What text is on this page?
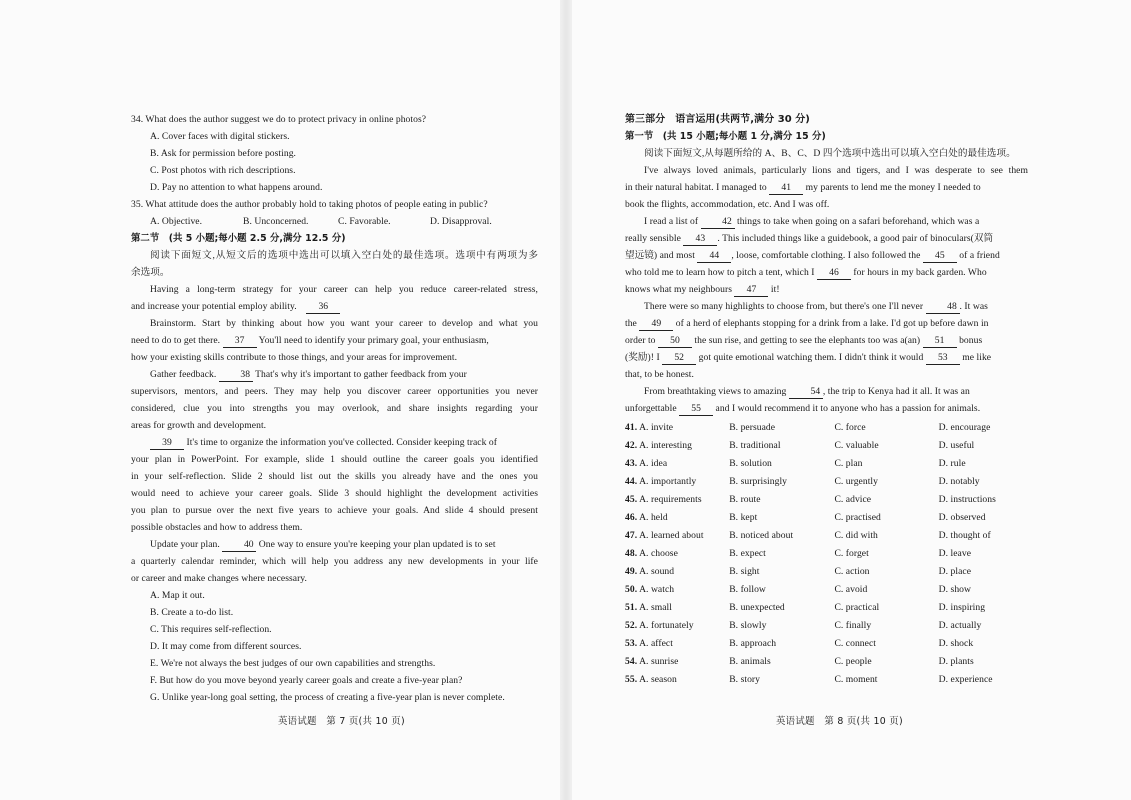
34. What does the author suggest we do to protect privacy in online photos?
A. Cover faces with digital stickers.
B. Ask for permission before posting.
C. Post photos with rich descriptions.
D. Pay no attention to what happens around.
35. What attitude does the author probably hold to taking photos of people eating in public?
A. Objective.	B. Unconcerned.	C. Favorable.	D. Disapproval.
第二节　(共 5 小题;每小题 2.5 分,满分 12.5 分)
阅读下面短文,从短文后的选项中选出可以填入空白处的最佳选项。选项中有两项为多
余选项。
Having a long-term strategy for your career can help you reduce career-related stress,
and increase your potential employ ability.　 36
Brainstorm. Start by thinking about how you want your career to develop and what you
need to do to get there. 37 You'll need to identify your primary goal, your enthusiasm,
how your existing skills contribute to those things, and your areas for improvement.
Gather feedback.	38 That's why it's important to gather feedback from your
supervisors, mentors, and peers. They may help you discover career opportunities you never
considered, clue you into strengths you may overlook, and share insights regarding your
areas for growth and development.
39 It's time to organize the information you've collected. Consider keeping track of
your plan in PowerPoint. For example, slide 1 should outline the career goals you identified
in your self-reflection. Slide 2 should list out the skills you already have and the ones you
would need to achieve your career goals. Slide 3 should highlight the development activities
you plan to pursue over the next five years to achieve your goals. And slide 4 should present
possible obstacles and how to address them.
Update your plan.	40 One way to ensure you're keeping your plan updated is to set
a quarterly calendar reminder, which will help you address any new developments in your life
or career and make changes where necessary.
A. Map it out.
B. Create a to-do list.
C. This requires self-reflection.
D. It may come from different sources.
E. We're not always the best judges of our own capabilities and strengths.
F. But how do you move beyond yearly career goals and create a five-year plan?
G. Unlike year-long goal setting, the process of creating a five-year plan is never complete.
英语试题　第 7 页(共 10 页)
第三部分　语言运用(共两节,满分 30 分)
第一节　(共 15 小题;每小题 1 分,满分 15 分)
阅读下面短文,从每题所给的 A、B、C、D 四个选项中选出可以填入空白处的最佳选项。
I've always loved animals, particularly lions and tigers, and I was desperate to see them
in their natural habitat. I managed to 41 my parents to lend me the money I needed to
book the flights, accommodation, etc. And I was off.
I read a list of	42 things to take when going on a safari beforehand, which was a
really sensible 43 . This included things like a guidebook, a good pair of binoculars(双筒
望远镜) and most 44 , loose, comfortable clothing. I also followed the 45 of a friend
who told me to learn how to pitch a tent, which I 46 for hours in my back garden. Who
knows what my neighbours 47 it!
There were so many highlights to choose from, but there's one I'll never	48 . It was
the 49 of a herd of elephants stopping for a drink from a lake. I'd got up before dawn in
order to 50 the sun rise, and getting to see the elephants too was a(an) 51 bonus
(奖励)! I 52 got quite emotional watching them. I didn't think it would 53 me like
that, to be honest.
From breathtaking views to amazing	54 , the trip to Kenya had it all. It was an
unforgettable 55 and I would recommend it to anyone who has a passion for animals.
41. A. invite	B. persuade	C. force	D. encourage
42. A. interesting	B. traditional	C. valuable	D. useful
43. A. idea	B. solution	C. plan	D. rule
44. A. importantly	B. surprisingly	C. urgently	D. notably
45. A. requirements	B. route	C. advice	D. instructions
46. A. held	B. kept	C. practised	D. observed
47. A. learned about	B. noticed about	C. did with	D. thought of
48. A. choose	B. expect	C. forget	D. leave
49. A. sound	B. sight	C. action	D. place
50. A. watch	B. follow	C. avoid	D. show
51. A. small	B. unexpected	C. practical	D. inspiring
52. A. fortunately	B. slowly	C. finally	D. actually
53. A. affect	B. approach	C. connect	D. shock
54. A. sunrise	B. animals	C. people	D. plants
55. A. season	B. story	C. moment	D. experience
英语试题　第 8 页(共 10 页)
